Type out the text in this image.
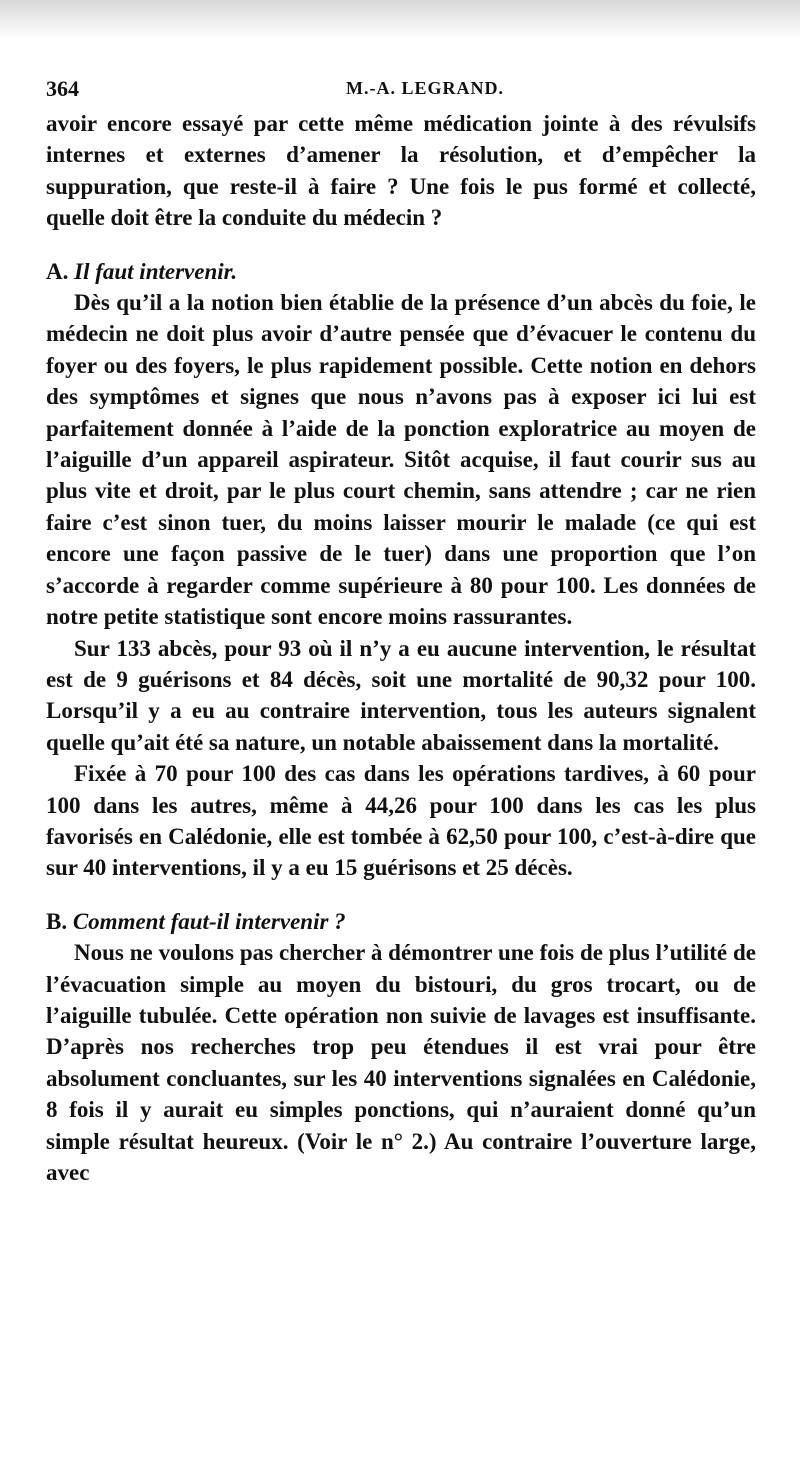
364	M.-A. LEGRAND.

avoir encore essayé par cette même médication jointe à des révulsifs internes et externes d’amener la résolution, et d’empêcher la suppuration, que reste-il à faire ? Une fois le pus formé et collecté, quelle doit être la conduite du médecin ?

A. Il faut intervenir.

Dès qu’il a la notion bien établie de la présence d’un abcès du foie, le médecin ne doit plus avoir d’autre pensée que d’évacuer le contenu du foyer ou des foyers, le plus rapidement possible. Cette notion en dehors des symptômes et signes que nous n’avons pas à exposer ici lui est parfaitement donnée à l’aide de la ponction exploratrice au moyen de l’aiguille d’un appareil aspirateur. Sitôt acquise, il faut courir sus au plus vite et droit, par le plus court chemin, sans attendre ; car ne rien faire c’est sinon tuer, du moins laisser mourir le malade (ce qui est encore une façon passive de le tuer) dans une proportion que l’on s’accorde à regarder comme supérieure à 80 pour 100. Les données de notre petite statistique sont encore moins rassurantes.

Sur 133 abcès, pour 93 où il n’y a eu aucune intervention, le résultat est de 9 guérisons et 84 décès, soit une mortalité de 90,32 pour 100. Lorsqu’il y a eu au contraire intervention, tous les auteurs signalent quelle qu’ait été sa nature, un notable abaissement dans la mortalité.

Fixée à 70 pour 100 des cas dans les opérations tardives, à 60 pour 100 dans les autres, même à 44,26 pour 100 dans les cas les plus favorisés en Calédonie, elle est tombée à 62,50 pour 100, c’est-à-dire que sur 40 interventions, il y a eu 15 guérisons et 25 décès.

B. Comment faut-il intervenir ?

Nous ne voulons pas chercher à démontrer une fois de plus l’utilité de l’évacuation simple au moyen du bistouri, du gros trocart, ou de l’aiguille tubulée. Cette opération non suivie de lavages est insuffisante. D’après nos recherches trop peu étendues il est vrai pour être absolument concluantes, sur les 40 interventions signalées en Calédonie, 8 fois il y aurait eu simples ponctions, qui n’auraient donné qu’un simple résultat heureux. (Voir le n° 2.) Au contraire l’ouverture large, avec
